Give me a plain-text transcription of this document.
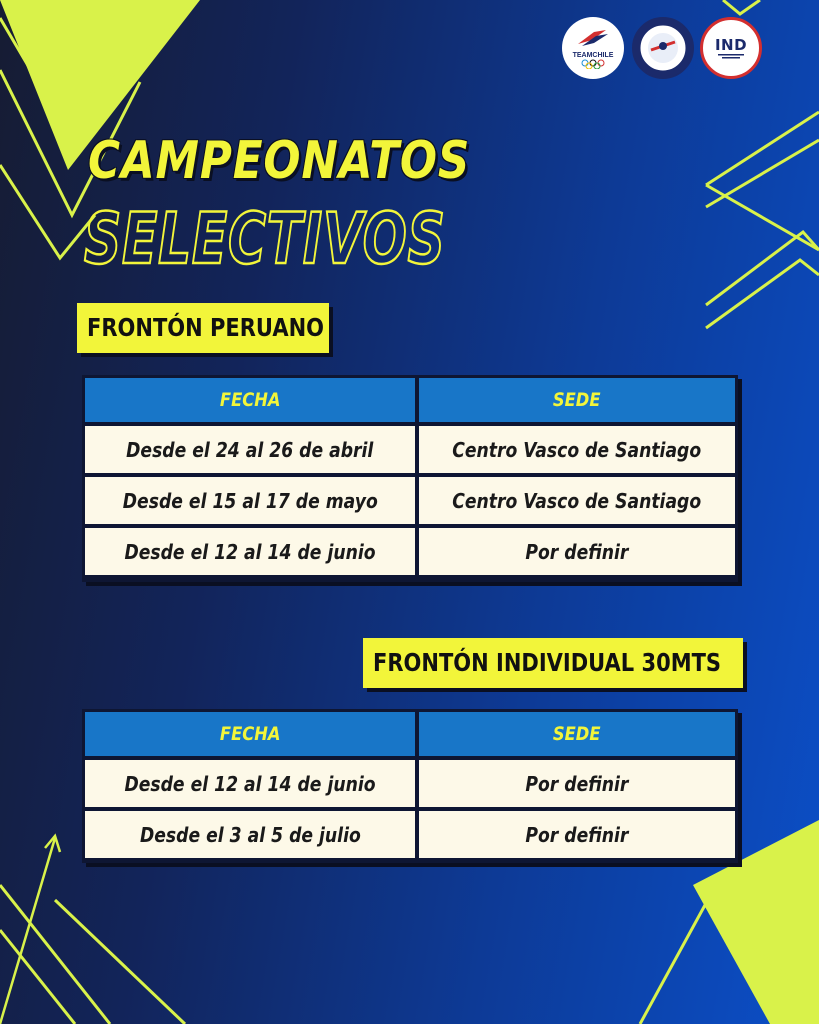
TEAMCHILE
IND
CAMPEONATOS
SELECTIVOS
FRONTÓN PERUANO
FECHA	SEDE
Desde el 24 al 26 de abril	Centro Vasco de Santiago
Desde el 15 al 17 de mayo	Centro Vasco de Santiago
Desde el 12 al 14 de junio	Por definir
FRONTÓN INDIVIDUAL 30MTS
FECHA	SEDE
Desde el 12 al 14 de junio	Por definir
Desde el 3 al 5 de julio	Por definir
